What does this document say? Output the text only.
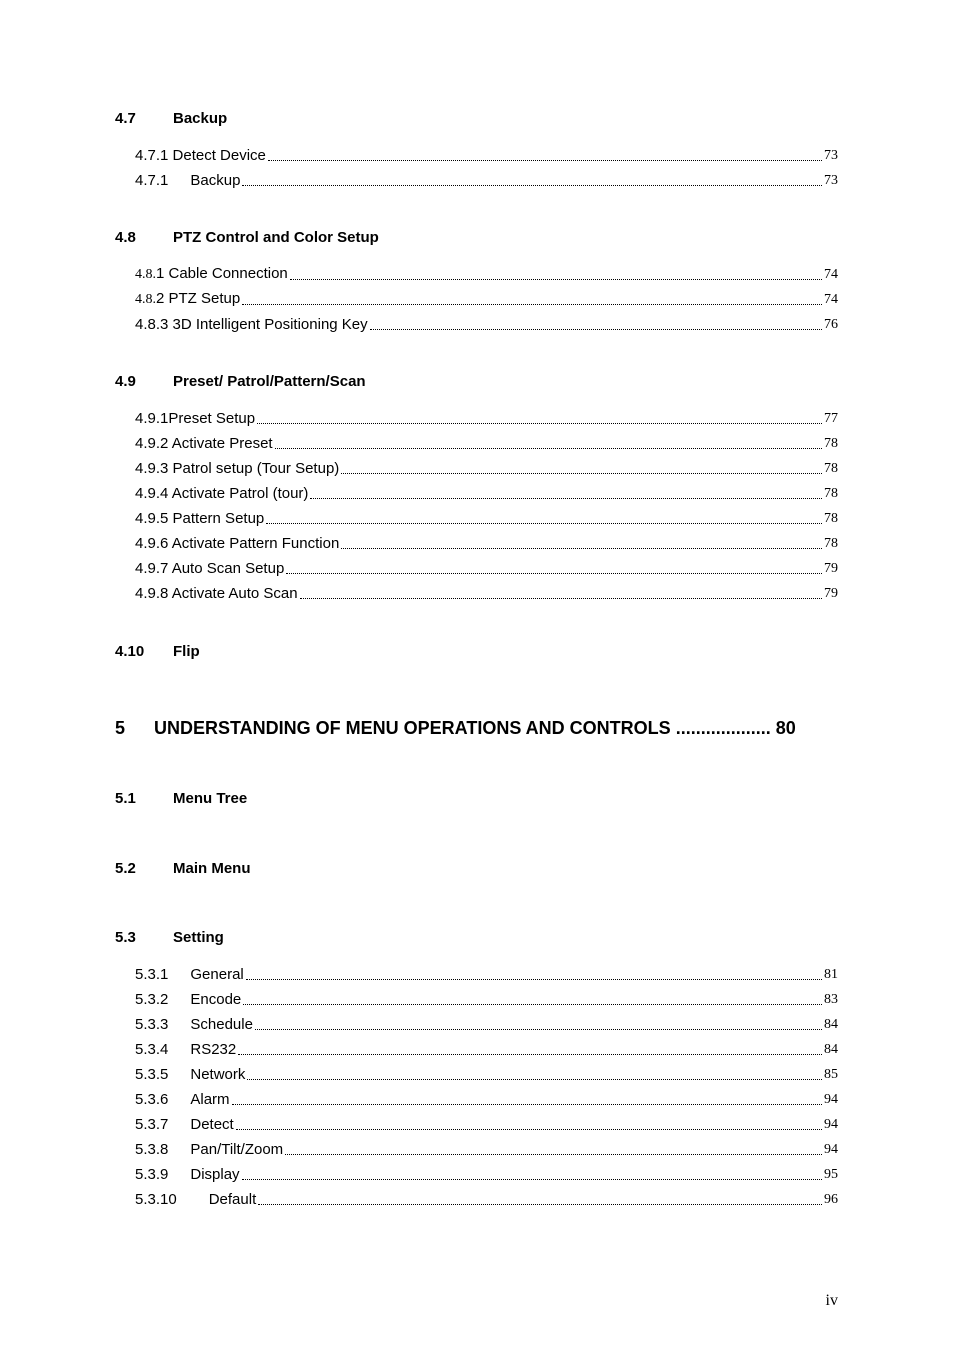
4.7 Backup
4.7.1 Detect Device	73
4.7.1 Backup	73
4.8 PTZ Control and Color Setup
4.8.1 Cable Connection	74
4.8.2 PTZ Setup	74
4.8.3 3D Intelligent Positioning Key	76
4.9 Preset/ Patrol/Pattern/Scan
4.9.1Preset Setup	77
4.9.2 Activate Preset	78
4.9.3 Patrol setup (Tour Setup)	78
4.9.4 Activate Patrol (tour)	78
4.9.5 Pattern Setup	78
4.9.6 Activate Pattern Function	78
4.9.7 Auto Scan Setup	79
4.9.8 Activate Auto Scan	79
4.10 Flip
5 UNDERSTANDING OF MENU OPERATIONS AND CONTROLS ................... 80
5.1 Menu Tree
5.2 Main Menu
5.3 Setting
5.3.1 General	81
5.3.2 Encode	83
5.3.3 Schedule	84
5.3.4 RS232	84
5.3.5 Network	85
5.3.6 Alarm	94
5.3.7 Detect	94
5.3.8 Pan/Tilt/Zoom	94
5.3.9 Display	95
5.3.10 Default	96
iv
